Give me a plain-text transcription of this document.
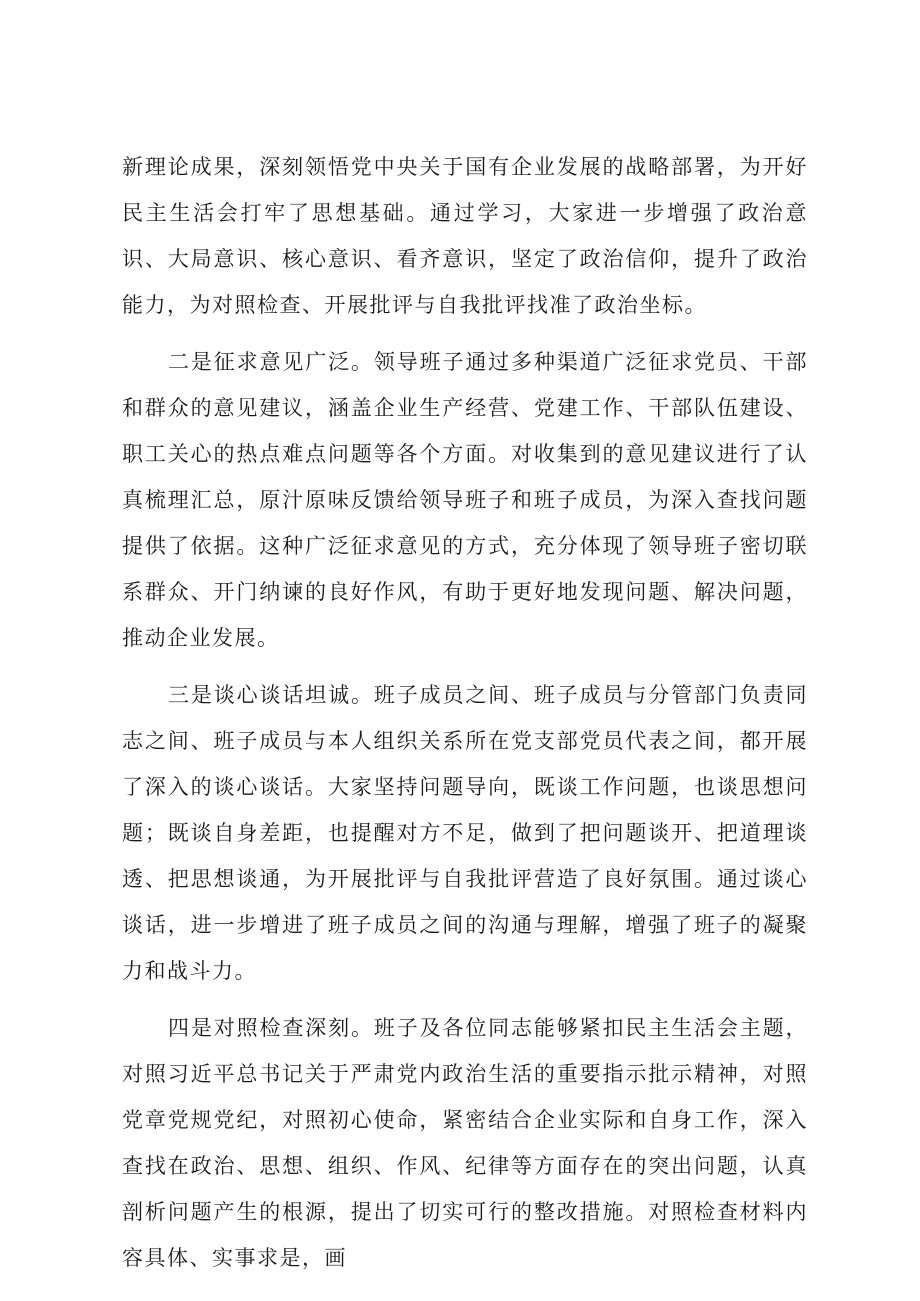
新理论成果，深刻领悟党中央关于国有企业发展的战略部署，为开好民主生活会打牢了思想基础。通过学习，大家进一步增强了政治意识、大局意识、核心意识、看齐意识，坚定了政治信仰，提升了政治能力，为对照检查、开展批评与自我批评找准了政治坐标。

二是征求意见广泛。领导班子通过多种渠道广泛征求党员、干部和群众的意见建议，涵盖企业生产经营、党建工作、干部队伍建设、职工关心的热点难点问题等各个方面。对收集到的意见建议进行了认真梳理汇总，原汁原味反馈给领导班子和班子成员，为深入查找问题提供了依据。这种广泛征求意见的方式，充分体现了领导班子密切联系群众、开门纳谏的良好作风，有助于更好地发现问题、解决问题，推动企业发展。

三是谈心谈话坦诚。班子成员之间、班子成员与分管部门负责同志之间、班子成员与本人组织关系所在党支部党员代表之间，都开展了深入的谈心谈话。大家坚持问题导向，既谈工作问题，也谈思想问题；既谈自身差距，也提醒对方不足，做到了把问题谈开、把道理谈透、把思想谈通，为开展批评与自我批评营造了良好氛围。通过谈心谈话，进一步增进了班子成员之间的沟通与理解，增强了班子的凝聚力和战斗力。

四是对照检查深刻。班子及各位同志能够紧扣民主生活会主题，对照习近平总书记关于严肃党内政治生活的重要指示批示精神，对照党章党规党纪，对照初心使命，紧密结合企业实际和自身工作，深入查找在政治、思想、组织、作风、纪律等方面存在的突出问题，认真剖析问题产生的根源，提出了切实可行的整改措施。对照检查材料内容具体、实事求是，画
